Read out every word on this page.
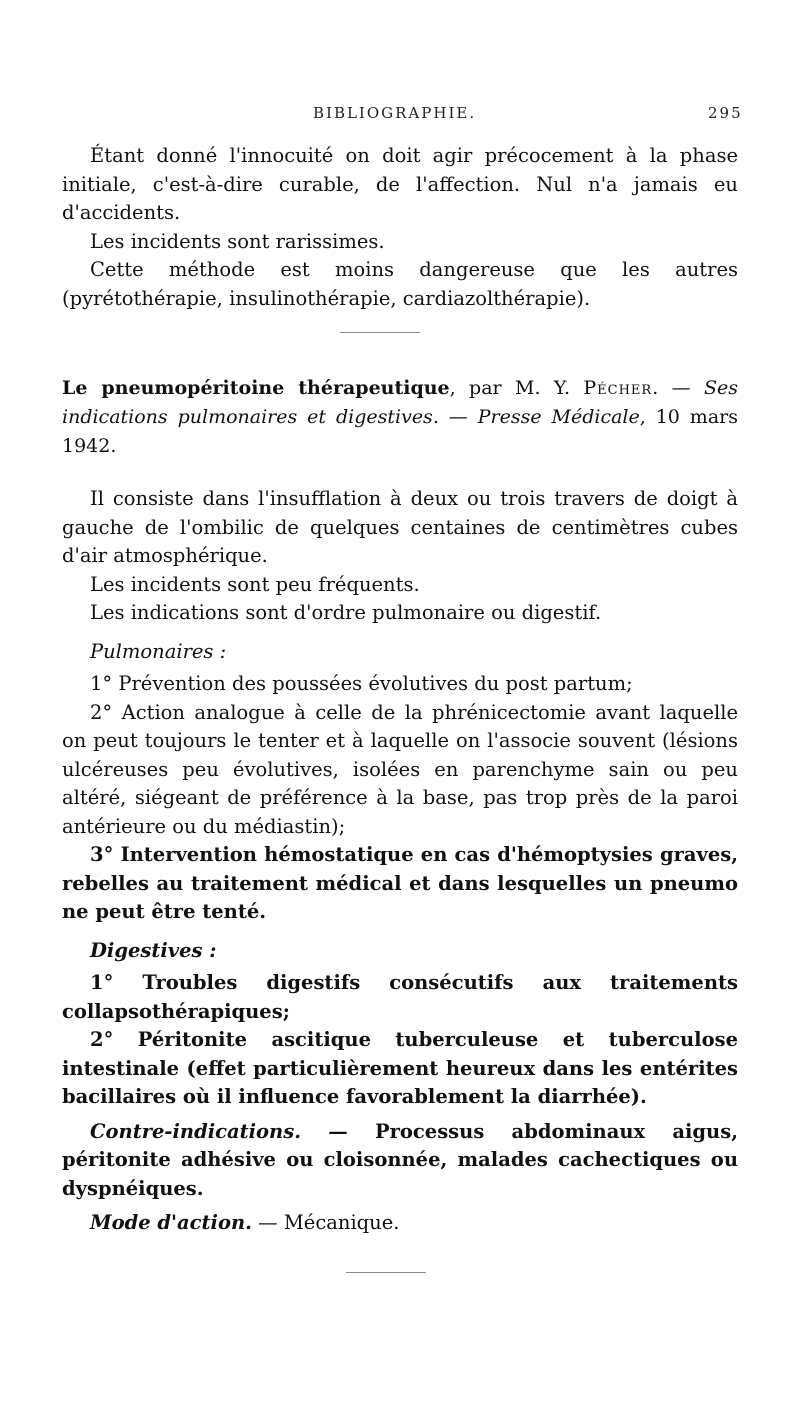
BIBLIOGRAPHIE.	295

Étant donné l'innocuité on doit agir précocement à la phase initiale, c'est-à-dire curable, de l'affection. Nul n'a jamais eu d'accidents.

Les incidents sont rarissimes.

Cette méthode est moins dangereuse que les autres (pyrétothérapie, insulinothérapie, cardiazolthérapie).

Le pneumopéritoine thérapeutique, par M. Y. Pécher. — Ses indications pulmonaires et digestives. — Presse Médicale, 10 mars 1942.

Il consiste dans l'insufflation à deux ou trois travers de doigt à gauche de l'ombilic de quelques centaines de centimètres cubes d'air atmosphérique.

Les incidents sont peu fréquents.

Les indications sont d'ordre pulmonaire ou digestif.

Pulmonaires :

1° Prévention des poussées évolutives du post partum;

2° Action analogue à celle de la phrénicectomie avant laquelle on peut toujours le tenter et à laquelle on l'associe souvent (lésions ulcéreuses peu évolutives, isolées en parenchyme sain ou peu altéré, siégeant de préférence à la base, pas trop près de la paroi antérieure ou du médiastin);

3° Intervention hémostatique en cas d'hémoptysies graves, rebelles au traitement médical et dans lesquelles un pneumo ne peut être tenté.

Digestives :

1° Troubles digestifs consécutifs aux traitements collapsothérapiques;

2° Péritonite ascitique tuberculeuse et tuberculose intestinale (effet particulièrement heureux dans les entérites bacillaires où il influence favorablement la diarrhée).

Contre-indications. — Processus abdominaux aigus, péritonite adhésive ou cloisonnée, malades cachectiques ou dyspnéiques.

Mode d'action. — Mécanique.
